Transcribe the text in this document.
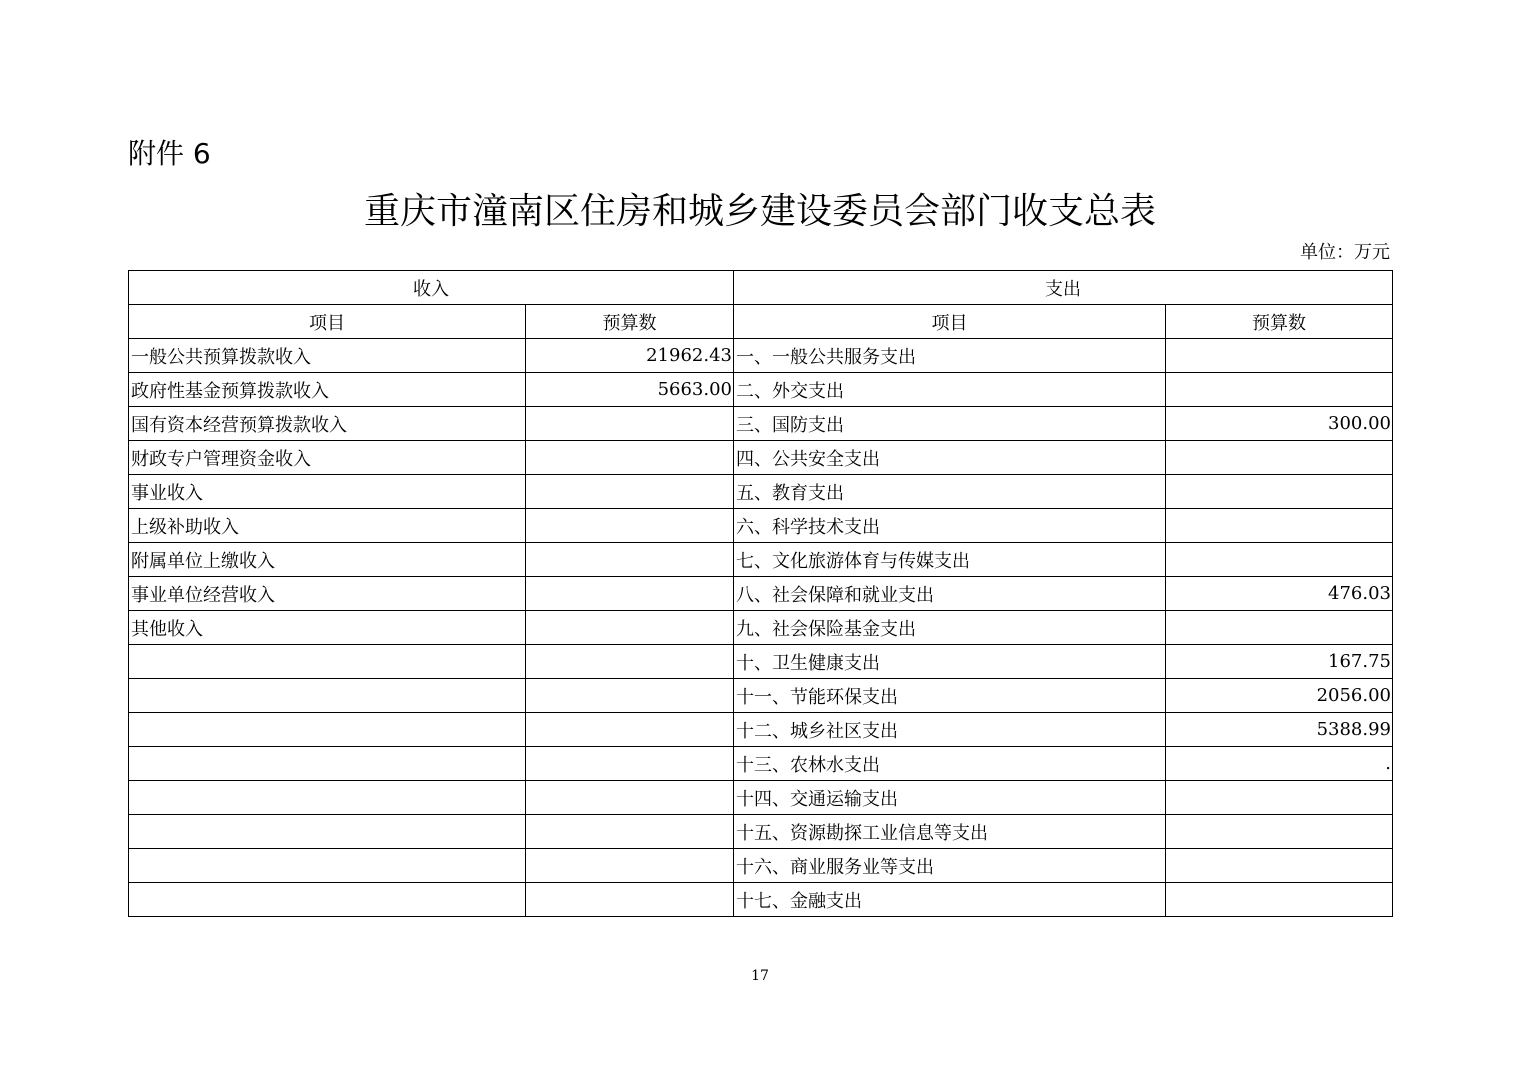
附件 6
重庆市潼南区住房和城乡建设委员会部门收支总表
单位：万元
收入		支出	
项目	预算数	项目	预算数
一般公共预算拨款收入	21962.43	一、一般公共服务支出	
政府性基金预算拨款收入	5663.00	二、外交支出	
国有资本经营预算拨款收入		三、国防支出	300.00
财政专户管理资金收入		四、公共安全支出	
事业收入		五、教育支出	
上级补助收入		六、科学技术支出	
附属单位上缴收入		七、文化旅游体育与传媒支出	
事业单位经营收入		八、社会保障和就业支出	476.03
其他收入		九、社会保险基金支出	
		十、卫生健康支出	167.75
		十一、节能环保支出	2056.00
		十二、城乡社区支出	5388.99
		十三、农林水支出	.
		十四、交通运输支出	
		十五、资源勘探工业信息等支出	
		十六、商业服务业等支出	
		十七、金融支出	
17
